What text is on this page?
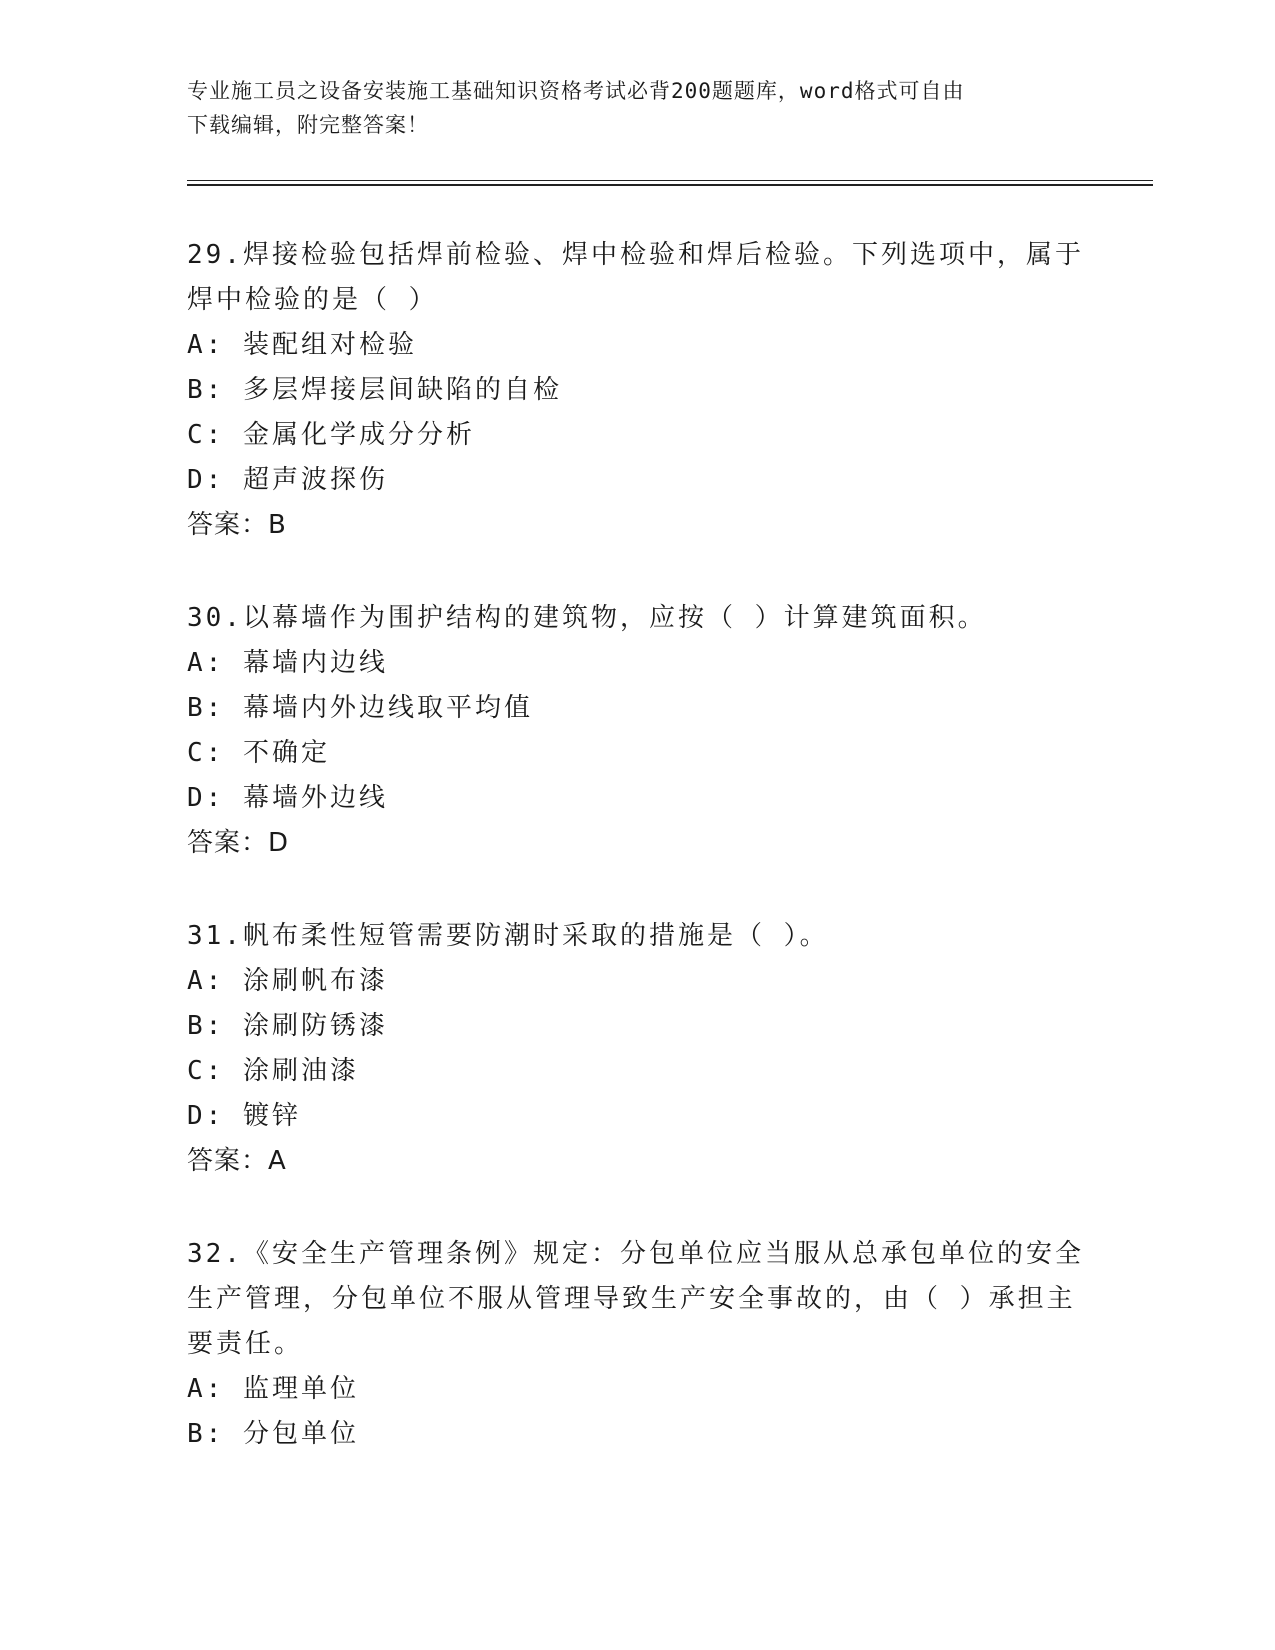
专业施工员之设备安装施工基础知识资格考试必背200题题库，word格式可自由
下载编辑，附完整答案！
29.焊接检验包括焊前检验、焊中检验和焊后检验。下列选项中，属于焊中检验的是（ ）
A: 装配组对检验
B: 多层焊接层间缺陷的自检
C: 金属化学成分分析
D: 超声波探伤
答案：B
30.以幕墙作为围护结构的建筑物，应按（ ）计算建筑面积。
A: 幕墙内边线
B: 幕墙内外边线取平均值
C: 不确定
D: 幕墙外边线
答案：D
31.帆布柔性短管需要防潮时采取的措施是（ ）。
A: 涂刷帆布漆
B: 涂刷防锈漆
C: 涂刷油漆
D: 镀锌
答案：A
32.《安全生产管理条例》规定：分包单位应当服从总承包单位的安全生产管理，分包单位不服从管理导致生产安全事故的，由（ ）承担主要责任。
A: 监理单位
B: 分包单位
